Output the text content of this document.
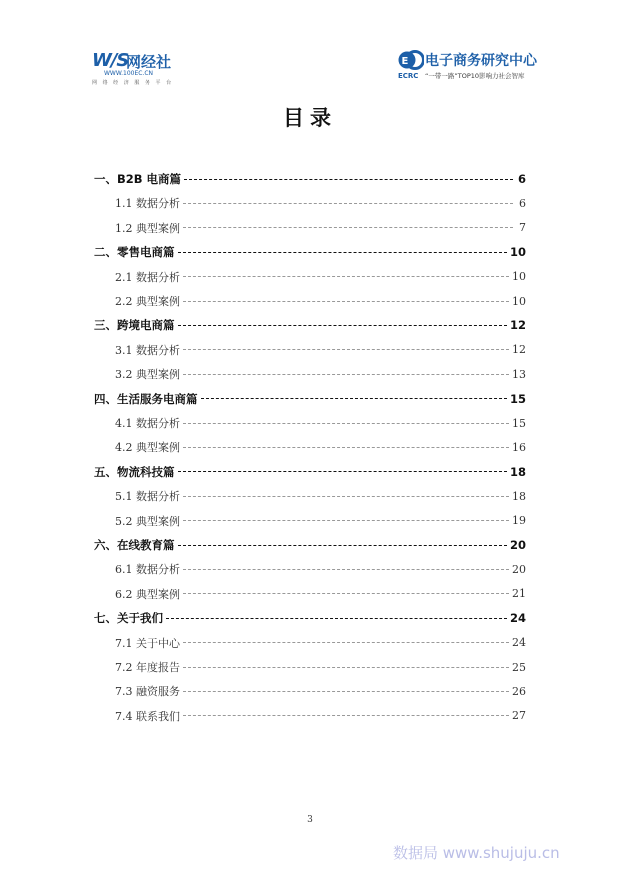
W/S
网经社
WWW.100EC.CN
网 络 经 济 服 务 平 台
E 电子商务研究中心
ECRC “一带一路”TOP10影响力社会智库
目录
一、B2B 电商篇	6
1.1 数据分析	6
1.2 典型案例	7
二、零售电商篇	10
2.1 数据分析	10
2.2 典型案例	10
三、跨境电商篇	12
3.1 数据分析	12
3.2 典型案例	13
四、生活服务电商篇	15
4.1 数据分析	15
4.2 典型案例	16
五、物流科技篇	18
5.1 数据分析	18
5.2 典型案例	19
六、在线教育篇	20
6.1 数据分析	20
6.2 典型案例	21
七、关于我们	24
7.1 关于中心	24
7.2 年度报告	25
7.3 融资服务	26
7.4 联系我们	27
3
数据局 www.shujuju.cn
